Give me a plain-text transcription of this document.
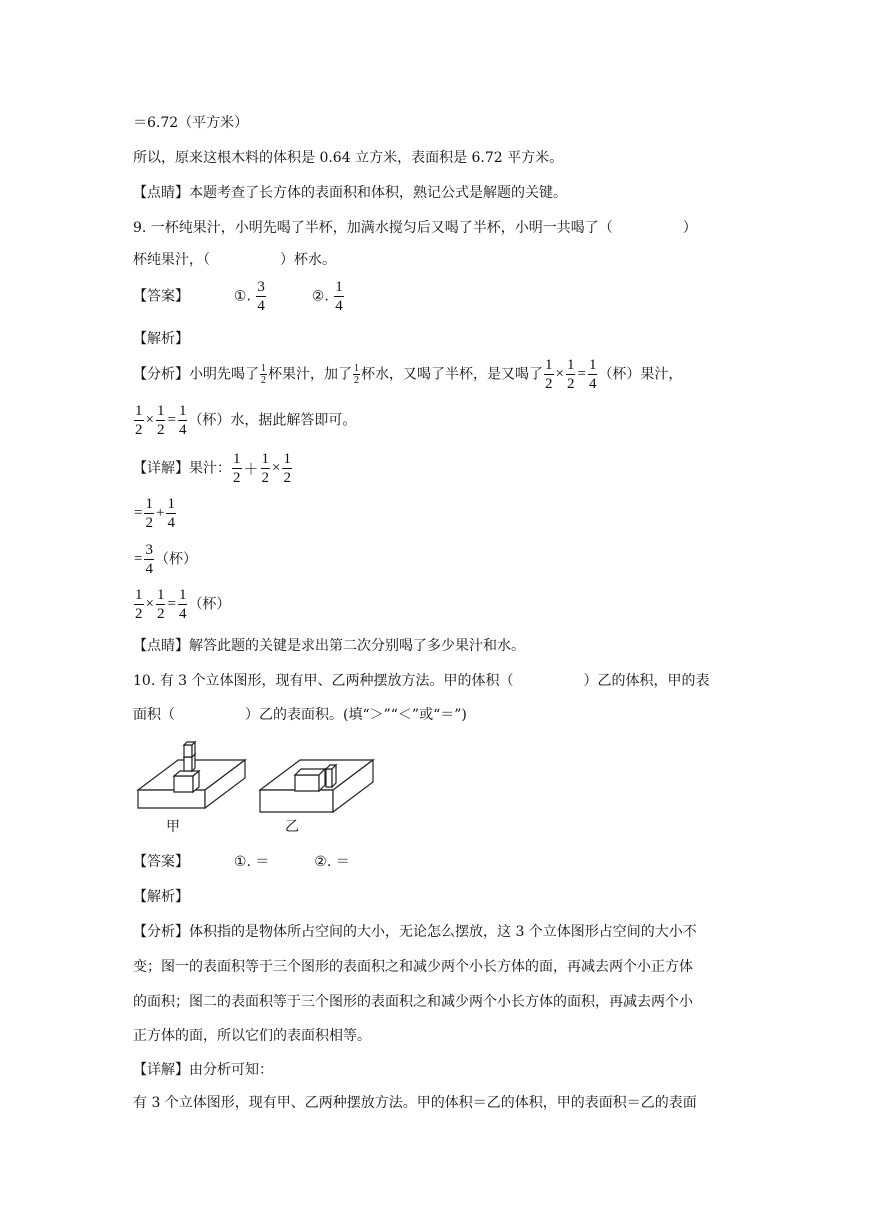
＝6.72（平方米）
所以，原来这根木料的体积是 0.64 立方米，表面积是 6.72 平方米。
【点睛】本题考查了长方体的表面积和体积，熟记公式是解题的关键。
9. 一杯纯果汁，小明先喝了半杯，加满水搅匀后又喝了半杯，小明一共喝了（	）
杯纯果汁，（	）杯水。
【答案】	①. $\frac{3}{4}$	②. $\frac{1}{4}$
【解析】
【分析】小明先喝了 $\frac{1}{2}$ 杯果汁，加了 $\frac{1}{2}$ 杯水，又喝了半杯，是又喝了 $\frac{1}{2} \times \frac{1}{2} = \frac{1}{4}$ （杯）果汁，
$\frac{1}{2} \times \frac{1}{2} = \frac{1}{4}$ （杯）水，据此解答即可。
【详解】果汁： $\frac{1}{2} + \frac{1}{2} \times \frac{1}{2}$
= $\frac{1}{2} + \frac{1}{4}$
= $\frac{3}{4}$ （杯）
$\frac{1}{2} \times \frac{1}{2} = \frac{1}{4}$ （杯）
【点睛】解答此题的关键是求出第二次分别喝了多少果汁和水。
10. 有 3 个立体图形，现有甲、乙两种摆放方法。甲的体积（	）乙的体积，甲的表
面积（	）乙的表面积。(填“＞”“＜”或“＝”)
甲	乙
【答案】	①. ＝	②. ＝
【解析】
【分析】体积指的是物体所占空间的大小，无论怎么摆放，这 3 个立体图形占空间的大小不
变；图一的表面积等于三个图形的表面积之和减少两个小长方体的面，再减去两个小正方体
的面积；图二的表面积等于三个图形的表面积之和减少两个小长方体的面积，再减去两个小
正方体的面，所以它们的表面积相等。
【详解】由分析可知：
有 3 个立体图形，现有甲、乙两种摆放方法。甲的体积＝乙的体积，甲的表面积＝乙的表面
